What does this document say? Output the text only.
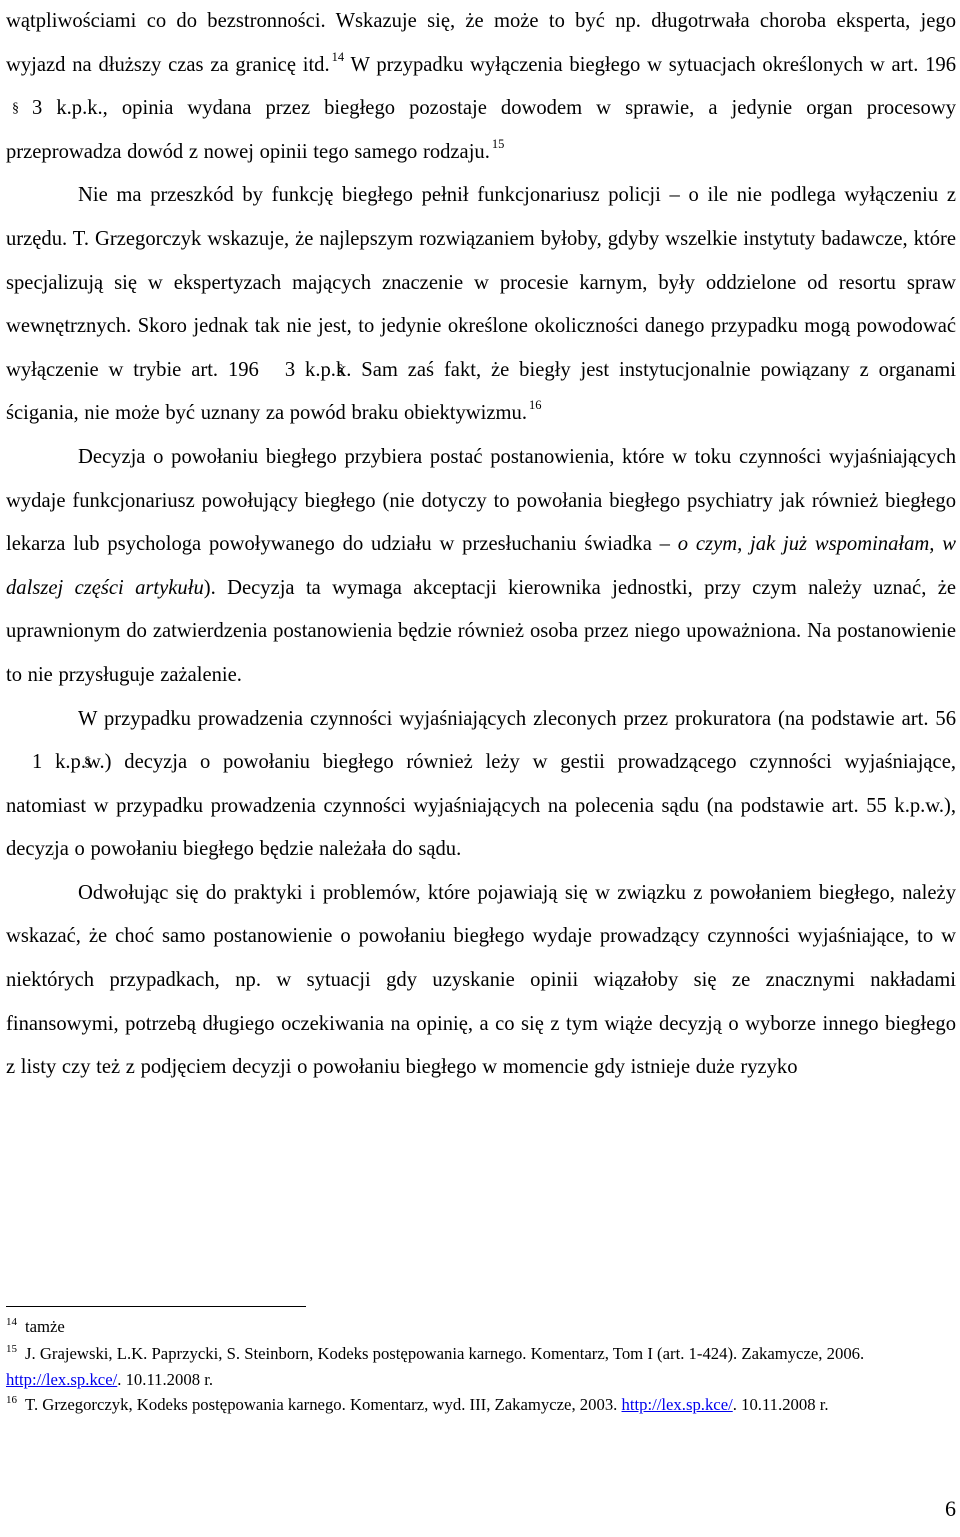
wątpliwościami co do bezstronności. Wskazuje się, że może to być np. długotrwała choroba eksperta, jego wyjazd na dłuższy czas za granicę itd. $^{14}$ W przypadku wyłączenia biegłego w sytuacjach określonych w art. 196§3 k.p.k., opinia wydana przez biegłego pozostaje dowodem w sprawie, a jedynie organ procesowy przeprowadza dowód z nowej opinii tego samego rodzaju. $^{15}$

Nie ma przeszkód by funkcję biegłego pełnił funkcjonariusz policji – o ile nie podlega wyłączeniu z urzędu. T. Grzegorczyk wskazuje, że najlepszym rozwiązaniem byłoby, gdyby wszelkie instytuty badawcze, które specjalizują się w ekspertyzach mających znaczenie w procesie karnym, były oddzielone od resortu spraw wewnętrznych. Skoro jednak tak nie jest, to jedynie określone okoliczności danego przypadku mogą powodować wyłączenie w trybie art. 196§ 3 k.p.k. Sam zaś fakt, że biegły jest instytucjonalnie powiązany z organami ścigania, nie może być uznany za powód braku obiektywizmu. $^{16}$

Decyzja o powołaniu biegłego przybiera postać postanowienia, które w toku czynności wyjaśniających wydaje funkcjonariusz powołujący biegłego (nie dotyczy to powołania biegłego psychiatry jak również biegłego lekarza lub psychologa powoływanego do udziału w przesłuchaniu świadka – o czym, jak już wspominałam, w dalszej części artykułu). Decyzja ta wymaga akceptacji kierownika jednostki, przy czym należy uznać, że uprawnionym do zatwierdzenia postanowienia będzie również osoba przez niego upoważniona. Na postanowienie to nie przysługuje zażalenie.

W przypadku prowadzenia czynności wyjaśniających zleconych przez prokuratora (na podstawie art. 56§1 k.p.w.) decyzja o powołaniu biegłego również leży w gestii prowadzącego czynności wyjaśniające, natomiast w przypadku prowadzenia czynności wyjaśniających na polecenia sądu (na podstawie art. 55 k.p.w.), decyzja o powołaniu biegłego będzie należała do sądu.

Odwołując się do praktyki i problemów, które pojawiają się w związku z powołaniem biegłego, należy wskazać, że choć samo postanowienie o powołaniu biegłego wydaje prowadzący czynności wyjaśniające, to w niektórych przypadkach, np. w sytuacji gdy uzyskanie opinii wiązałoby się ze znacznymi nakładami finansowymi, potrzebą długiego oczekiwania na opinię, a co się z tym wiąże decyzją o wyborze innego biegłego z listy czy też z podjęciem decyzji o powołaniu biegłego w momencie gdy istnieje duże ryzyko

$^{14}$ tamże

$^{15}$ J. Grajewski, L.K. Paprzycki, S. Steinborn, Kodeks postępowania karnego. Komentarz, Tom I (art. 1-424). Zakamycze, 2006. http://lex.sp.kce/. 10.11.2008 r.

$^{16}$ T. Grzegorczyk, Kodeks postępowania karnego. Komentarz, wyd. III, Zakamycze, 2003. http://lex.sp.kce/. 10.11.2008 r.

6
